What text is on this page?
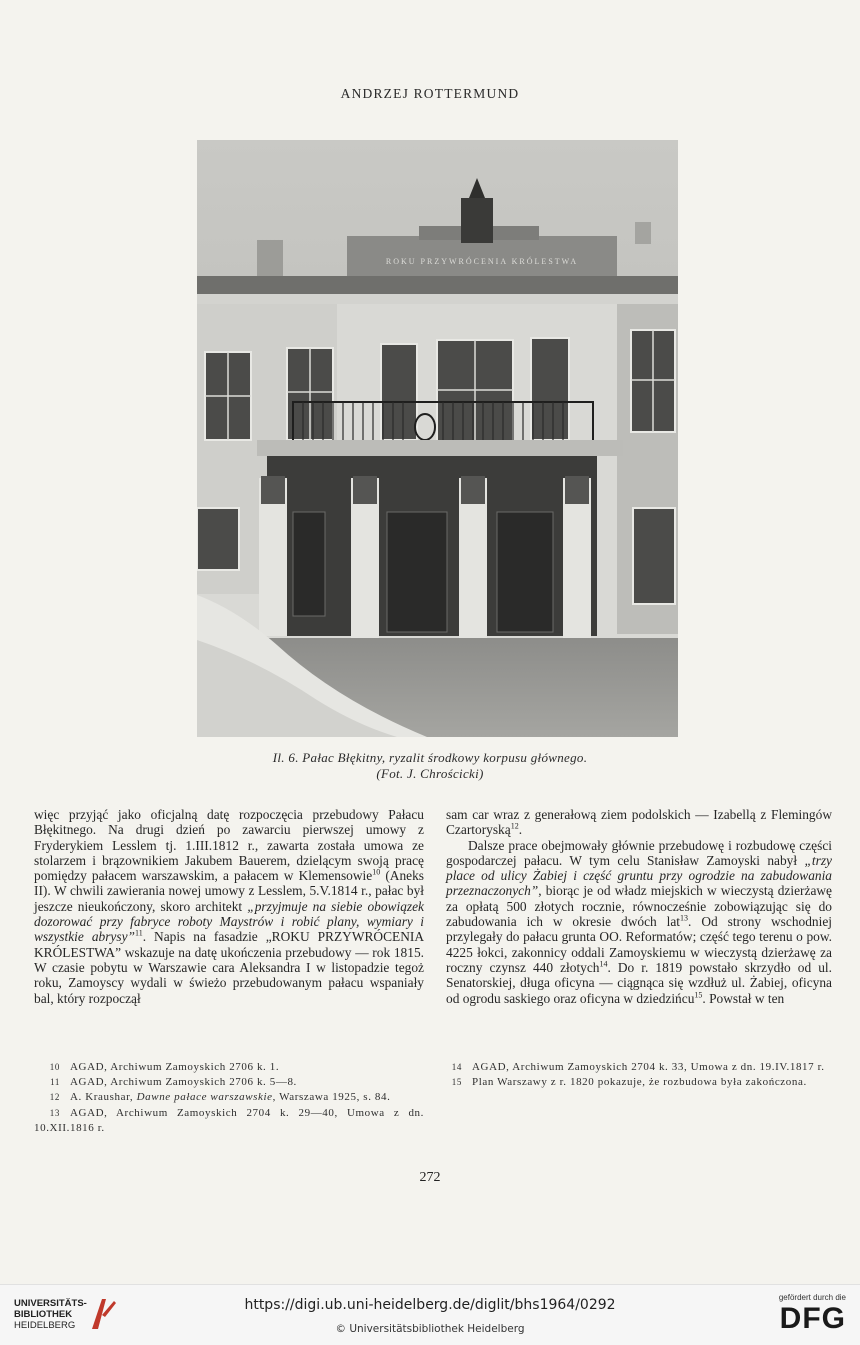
ANDRZEJ ROTTERMUND
ROKU PRZYWRÓCENIA KRÓLESTWA
Il. 6. Pałac Błękitny, ryzalit środkowy korpusu głównego.
(Fot. J. Chrościcki)

więc przyjąć jako oficjalną datę rozpoczęcia przebudowy Pałacu Błękitnego. Na drugi dzień po zawarciu pierwszej umowy z Fryderykiem Lesslem tj. 1.III.1812 r., zawarta została umowa ze stolarzem i brązownikiem Jakubem Bauerem, dzielącym swoją pracę pomiędzy pałacem warszawskim, a pałacem w Klemensowie$^{10}$ (Aneks II). W chwili zawierania nowej umowy z Lesslem, 5.V.1814 r., pałac był jeszcze nieukończony, skoro architekt „przyjmuje na siebie obowiązek dozorować przy fabryce roboty Maystrów i robić plany, wymiary i wszystkie abrysy”$^{11}$. Napis na fasadzie „ROKU PRZYWRÓCENIA KRÓLESTWA” wskazuje na datę ukończenia przebudowy — rok 1815. W czasie pobytu w Warszawie cara Aleksandra I w listopadzie tegoż roku, Zamoyscy wydali w świeżo przebudowanym pałacu wspaniały bal, który rozpoczął

sam car wraz z generałową ziem podolskich — Izabellą z Flemingów Czartoryską$^{12}$.

Dalsze prace obejmowały głównie przebudowę i rozbudowę części gospodarczej pałacu. W tym celu Stanisław Zamoyski nabył „trzy place od ulicy Żabiej i część gruntu przy ogrodzie na zabudowania przeznaczonych”, biorąc je od władz miejskich w wieczystą dzierżawę za opłatą 500 złotych rocznie, równocześnie zobowiązując się do zabudowania ich w okresie dwóch lat$^{13}$. Od strony wschodniej przylegały do pałacu grunta OO. Reformatów; część tego terenu o pow. 4225 łokci, zakonnicy oddali Zamoyskiemu w wieczystą dzierżawę za roczny czynsz 440 złotych$^{14}$. Do r. 1819 powstało skrzydło od ul. Senatorskiej, długa oficyna — ciągnąca się wzdłuż ul. Żabiej, oficyna od ogrodu saskiego oraz oficyna w dziedzińcu$^{15}$. Powstał w ten

10 AGAD, Archiwum Zamoyskich 2706 k. 1.
11 AGAD, Archiwum Zamoyskich 2706 k. 5—8.
12 A. Kraushar, Dawne pałace warszawskie, Warszawa 1925, s. 84.
13 AGAD, Archiwum Zamoyskich 2704 k. 29—40, Umowa z dn. 10.XII.1816 r.
14 AGAD, Archiwum Zamoyskich 2704 k. 33, Umowa z dn. 19.IV.1817 r.
15 Plan Warszawy z r. 1820 pokazuje, że rozbudowa była zakończona.
272
UNIVERSITÄTS-
BIBLIOTHEK
HEIDELBERG
https://digi.ub.uni-heidelberg.de/diglit/bhs1964/0292
© Universitätsbibliothek Heidelberg
gefördert durch die
DFG
